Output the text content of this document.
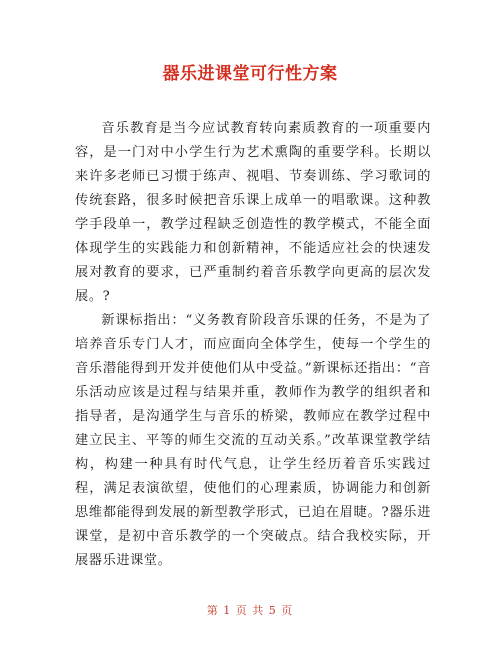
器乐进课堂可行性方案

音乐教育是当今应试教育转向素质教育的一项重要内容，是一门对中小学生行为艺术熏陶的重要学科。长期以来许多老师已习惯于练声、视唱、节奏训练、学习歌词的传统套路，很多时候把音乐课上成单一的唱歌课。这种教学手段单一，教学过程缺乏创造性的教学模式，不能全面体现学生的实践能力和创新精神，不能适应社会的快速发展对教育的要求，已严重制约着音乐教学向更高的层次发展。?

新课标指出：“义务教育阶段音乐课的任务，不是为了培养音乐专门人才，而应面向全体学生，使每一个学生的音乐潜能得到开发并使他们从中受益。”新课标还指出：“音乐活动应该是过程与结果并重，教师作为教学的组织者和指导者，是沟通学生与音乐的桥梁，教师应在教学过程中建立民主、平等的师生交流的互动关系。”改革课堂教学结构，构建一种具有时代气息，让学生经历着音乐实践过程，满足表演欲望，使他们的心理素质，协调能力和创新思维都能得到发展的新型教学形式，已迫在眉睫。?器乐进课堂，是初中音乐教学的一个突破点。结合我校实际，开展器乐进课堂。

第 1 页 共 5 页
